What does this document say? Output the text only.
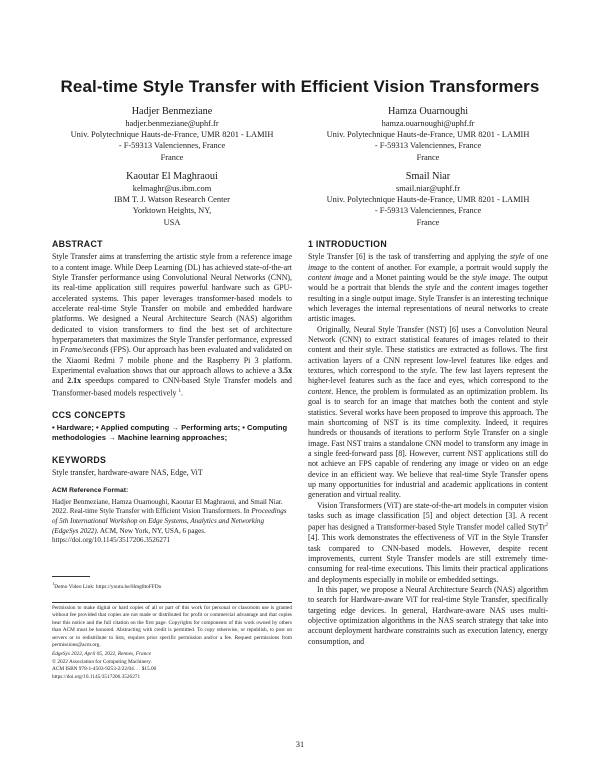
Real-time Style Transfer with Efficient Vision Transformers
Hadjer Benmeziane
hadjer.benmeziane@uphf.fr
Univ. Polytechnique Hauts-de-France, UMR 8201 - LAMIH
- F-59313 Valenciennes, France
France
Hamza Ouarnoughi
hamza.ouarnoughi@uphf.fr
Univ. Polytechnique Hauts-de-France, UMR 8201 - LAMIH
- F-59313 Valenciennes, France
France
Kaoutar El Maghraoui
kelmaghr@us.ibm.com
IBM T. J. Watson Research Center
Yorktown Heights, NY,
USA
Smail Niar
smail.niar@uphf.fr
Univ. Polytechnique Hauts-de-France, UMR 8201 - LAMIH
- F-59313 Valenciennes, France
France
ABSTRACT

Style Transfer aims at transferring the artistic style from a reference image to a content image. While Deep Learning (DL) has achieved state-of-the-art Style Transfer performance using Convolutional Neural Networks (CNN), its real-time application still requires powerful hardware such as GPU-accelerated systems. This paper leverages transformer-based models to accelerate real-time Style Transfer on mobile and embedded hardware platforms. We designed a Neural Architecture Search (NAS) algorithm dedicated to vision transformers to find the best set of architecture hyperparameters that maximizes the Style Transfer performance, expressed in Frame/seconds (FPS). Our approach has been evaluated and validated on the Xiaomi Redmi 7 mobile phone and the Raspberry Pi 3 platform. Experimental evaluation shows that our approach allows to achieve a 3.5x and 2.1x speedups compared to CNN-based Style Transfer models and Transformer-based models respectively $^1$.

CCS CONCEPTS

• Hardware; • Applied computing → Performing arts; • Computing methodologies → Machine learning approaches;

KEYWORDS

Style transfer, hardware-aware NAS, Edge, ViT

ACM Reference Format:

Hadjer Benmeziane, Hamza Ouarnoughi, Kaoutar El Maghraoui, and Smail Niar. 2022. Real-time Style Transfer with Efficient Vision Transformers. In Proceedings of 5th International Workshop on Edge Systems, Analytics and Networking (EdgeSys 2022). ACM, New York, NY, USA, 6 pages. https://doi.org/10.1145/3517206.3526271

$^1$Demo Video Link: https://youtu.be/Hmg8toFFDo
Permission to make digital or hard copies of all or part of this work for personal or classroom use is granted without fee provided that copies are not made or distributed for profit or commercial advantage and that copies bear this notice and the full citation on the first page. Copyrights for components of this work owned by others than ACM must be honored. Abstracting with credit is permitted. To copy otherwise, or republish, to post on servers or to redistribute to lists, requires prior specific permission and/or a fee. Request permissions from permissions@acm.org.
EdgeSys 2022, April 05, 2022, Rennes, France
© 2022 Association for Computing Machinery.
ACM ISBN 978-1-4503-9253-2/22/04. . . $15.00
https://doi.org/10.1145/3517206.3526271
1 INTRODUCTION

Style Transfer [6] is the task of transferring and applying the style of one image to the content of another. For example, a portrait would supply the content image and a Monet painting would be the style image. The output would be a portrait that blends the style and the content images together resulting in a single output image. Style Transfer is an interesting technique which leverages the internal representations of neural networks to create artistic images.

Originally, Neural Style Transfer (NST) [6] uses a Convolution Neural Network (CNN) to extract statistical features of images related to their content and their style. These statistics are extracted as follows. The first activation layers of a CNN represent low-level features like edges and textures, which correspond to the style. The few last layers represent the higher-level features such as the face and eyes, which correspond to the content. Hence, the problem is formulated as an optimization problem. Its goal is to search for an image that matches both the content and style statistics. Several works have been proposed to improve this approach. The main shortcoming of NST is its time complexity. Indeed, it requires hundreds or thousands of iterations to perform Style Transfer on a single image. Fast NST trains a standalone CNN model to transform any image in a single feed-forward pass [8]. However, current NST applications still do not achieve an FPS capable of rendering any image or video on an edge device in an efficient way. We believe that real-time Style Transfer opens up many opportunities for industrial and academic applications in content generation and virtual reality.

Vision Transformers (ViT) are state-of-the-art models in computer vision tasks such as image classification [5] and object detection [3]. A recent paper has designed a Transformer-based Style Transfer model called StyTr$^2$ [4]. This work demonstrates the effectiveness of ViT in the Style Transfer task compared to CNN-based models. However, despite recent improvements, current Style Transfer models are still extremely time-consuming for real-time executions. This limits their practical applications and deployments especially in mobile or embedded settings.

In this paper, we propose a Neural Architecture Search (NAS) algorithm to search for Hardware-aware ViT for real-time Style Transfer, specifically targeting edge devices. In general, Hardware-aware NAS uses multi-objective optimization algorithms in the NAS search strategy that take into account deployment hardware constraints such as execution latency, energy consumption, and

31
